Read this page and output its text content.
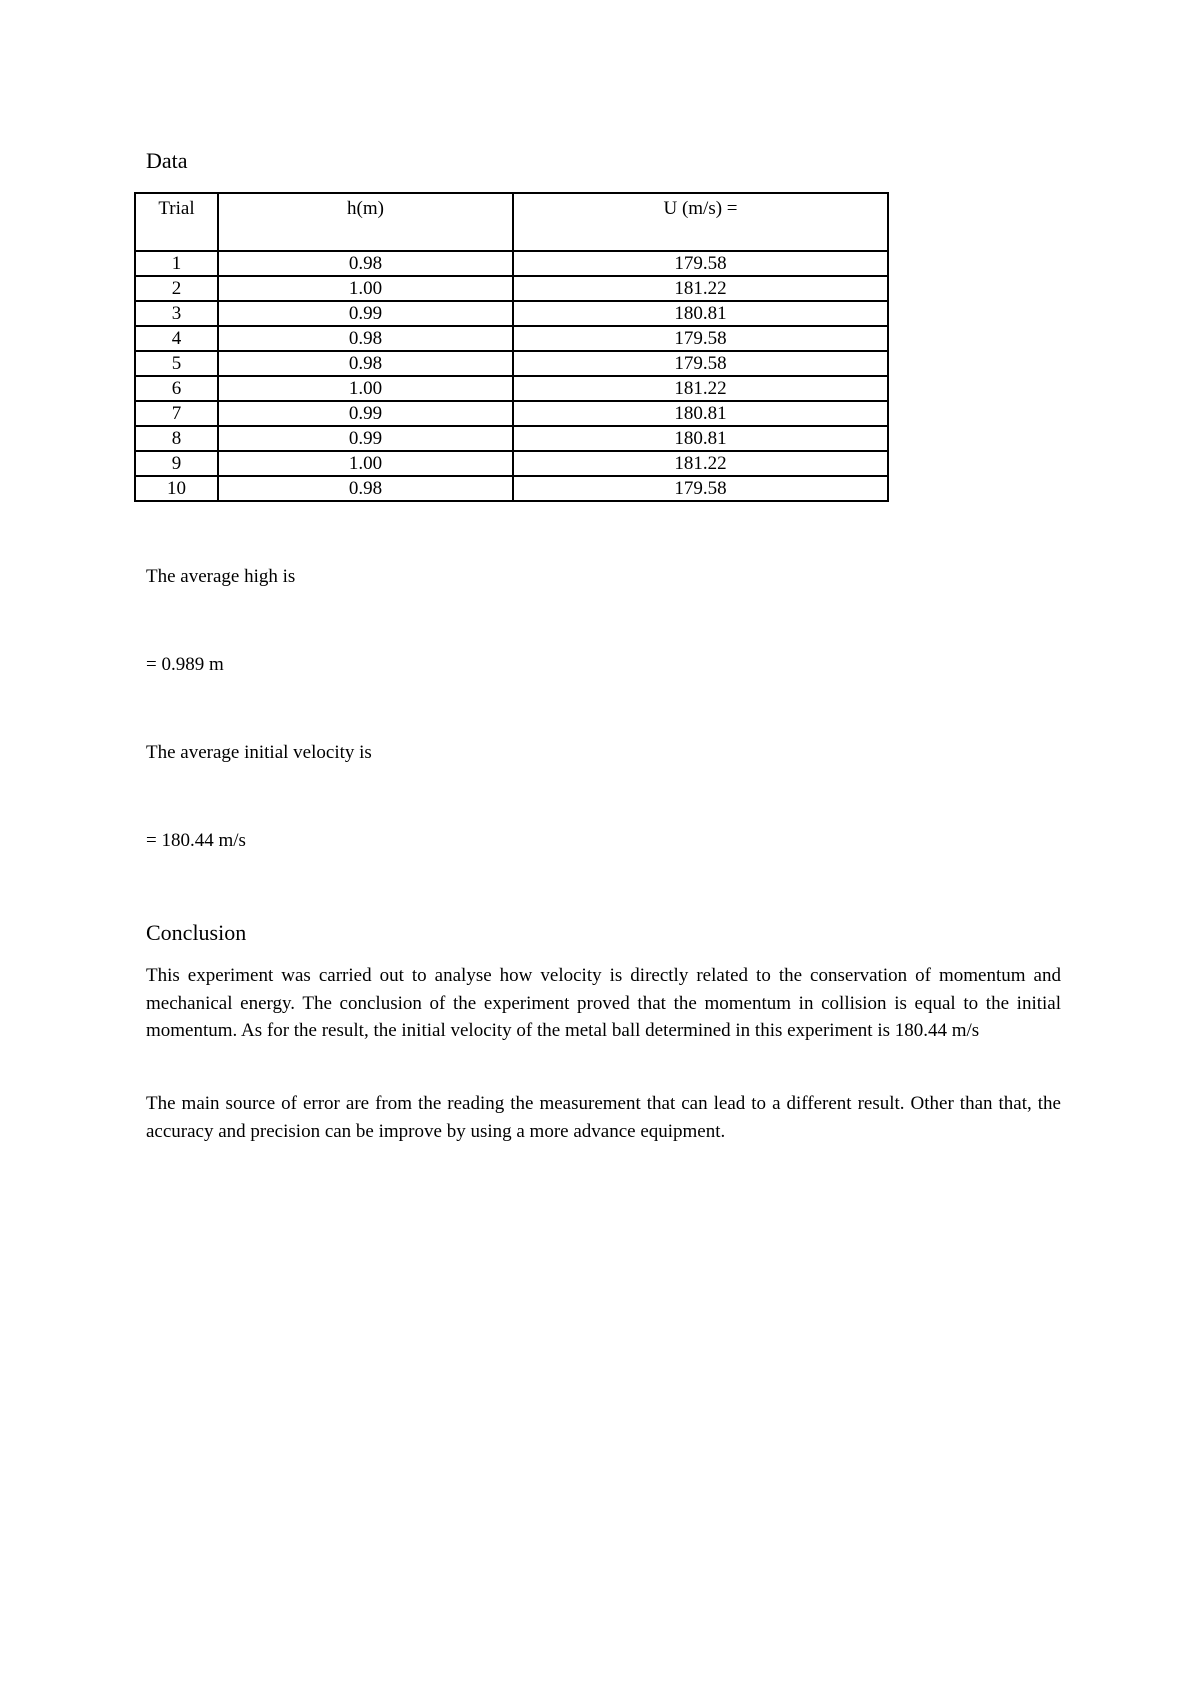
Data
Trial	h(m)	U (m/s) =
1	0.98	179.58
2	1.00	181.22
3	0.99	180.81
4	0.98	179.58
5	0.98	179.58
6	1.00	181.22
7	0.99	180.81
8	0.99	180.81
9	1.00	181.22
10	0.98	179.58

The average high is

= 0.989 m

The average initial velocity is

= 180.44 m/s

Conclusion

This experiment was carried out to analyse how velocity is directly related to the conservation of momentum and mechanical energy. The conclusion of the experiment proved that the momentum in collision is equal to the initial momentum. As for the result, the initial velocity of the metal ball determined in this experiment is 180.44 m/s

The main source of error are from the reading the measurement that can lead to a different result. Other than that, the accuracy and precision can be improve by using a more advance equipment.
